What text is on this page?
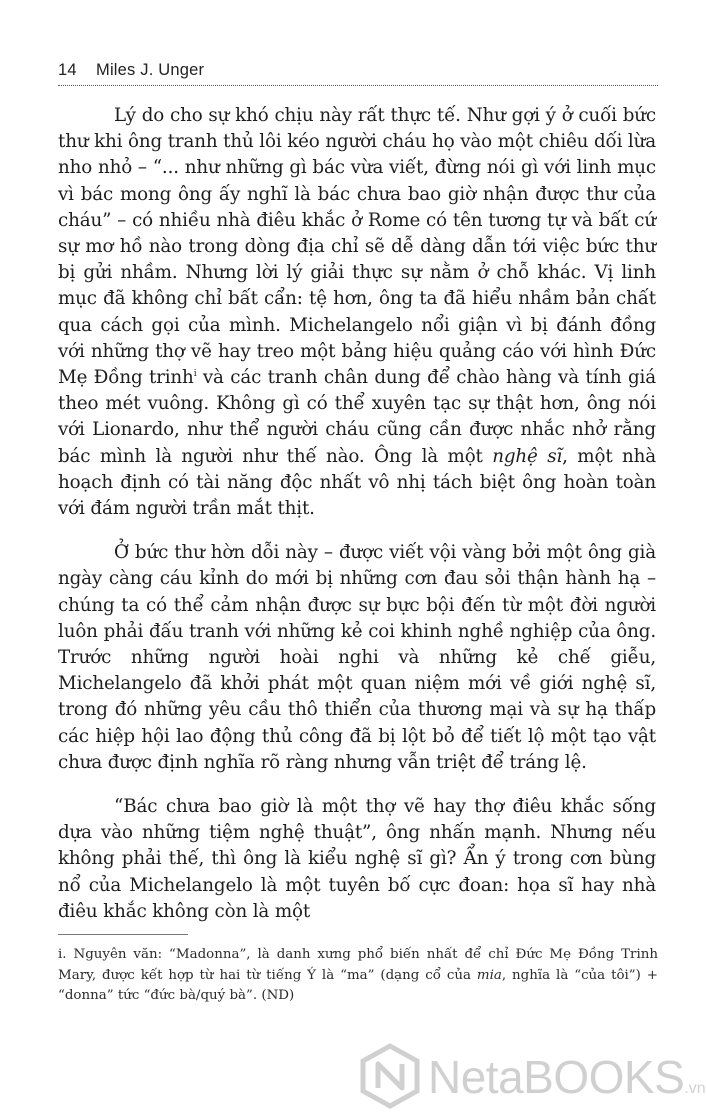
14 Miles J. Unger

Lý do cho sự khó chịu này rất thực tế. Như gợi ý ở cuối bức thư khi ông tranh thủ lôi kéo người cháu họ vào một chiêu dối lừa nho nhỏ – “... như những gì bác vừa viết, đừng nói gì với linh mục vì bác mong ông ấy nghĩ là bác chưa bao giờ nhận được thư của cháu” – có nhiều nhà điêu khắc ở Rome có tên tương tự và bất cứ sự mơ hồ nào trong dòng địa chỉ sẽ dễ dàng dẫn tới việc bức thư bị gửi nhầm. Nhưng lời lý giải thực sự nằm ở chỗ khác. Vị linh mục đã không chỉ bất cẩn: tệ hơn, ông ta đã hiểu nhầm bản chất qua cách gọi của mình. Michelangelo nổi giận vì bị đánh đồng với những thợ vẽ hay treo một bảng hiệu quảng cáo với hình Đức Mẹ Đồng trinh$^i$ và các tranh chân dung để chào hàng và tính giá theo mét vuông. Không gì có thể xuyên tạc sự thật hơn, ông nói với Lionardo, như thể người cháu cũng cần được nhắc nhở rằng bác mình là người như thế nào. Ông là một nghệ sĩ, một nhà hoạch định có tài năng độc nhất vô nhị tách biệt ông hoàn toàn với đám người trần mắt thịt.

Ở bức thư hờn dỗi này – được viết vội vàng bởi một ông già ngày càng cáu kỉnh do mới bị những cơn đau sỏi thận hành hạ – chúng ta có thể cảm nhận được sự bực bội đến từ một đời người luôn phải đấu tranh với những kẻ coi khinh nghề nghiệp của ông. Trước những người hoài nghi và những kẻ chế giễu, Michelangelo đã khởi phát một quan niệm mới về giới nghệ sĩ, trong đó những yêu cầu thô thiển của thương mại và sự hạ thấp các hiệp hội lao động thủ công đã bị lột bỏ để tiết lộ một tạo vật chưa được định nghĩa rõ ràng nhưng vẫn triệt để tráng lệ.

“Bác chưa bao giờ là một thợ vẽ hay thợ điêu khắc sống dựa vào những tiệm nghệ thuật”, ông nhấn mạnh. Nhưng nếu không phải thế, thì ông là kiểu nghệ sĩ gì? Ẩn ý trong cơn bùng nổ của Michelangelo là một tuyên bố cực đoan: họa sĩ hay nhà điêu khắc không còn là một

i. Nguyên văn: “Madonna”, là danh xưng phổ biến nhất để chỉ Đức Mẹ Đồng Trinh Mary, được kết hợp từ hai từ tiếng Ý là “ma” (dạng cổ của mia, nghĩa là “của tôi”) + “donna” tức “đức bà/quý bà”. (ND)

NetaBOOKS.vn
